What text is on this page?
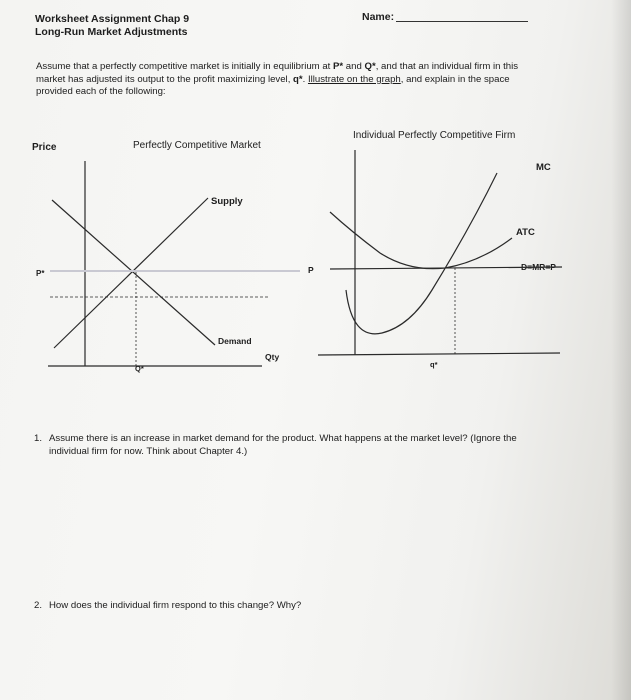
Worksheet Assignment Chap 9
Long-Run Market Adjustments
Name:
Assume that a perfectly competitive market is initially in equilibrium at P* and Q*, and that an individual firm in this market has adjusted its output to the profit maximizing level, q*. Illustrate on the graph, and explain in the space provided each of the following:
Price	Perfectly Competitive Market
Supply
P*
Demand
Qty
Q*
Individual Perfectly Competitive Firm
MC
ATC
D=MR=P
P
q*
1. Assume there is an increase in market demand for the product. What happens at the market level? (Ignore the individual firm for now. Think about Chapter 4.)
2. How does the individual firm respond to this change? Why?
